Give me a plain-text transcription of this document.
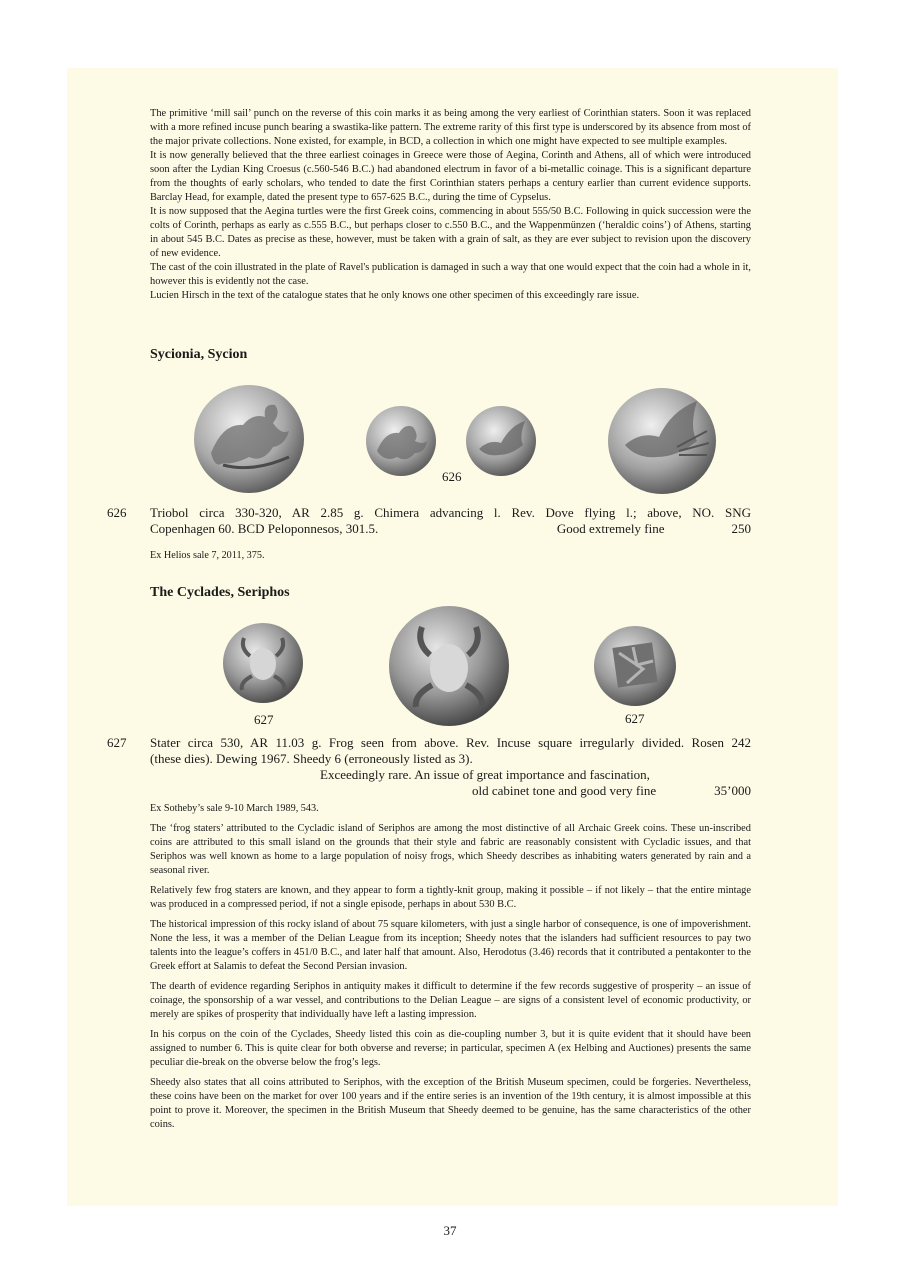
The primitive ‘mill sail’ punch on the reverse of this coin marks it as being among the very earliest of Corinthian staters. Soon it was replaced with a more refined incuse punch bearing a swastika-like pattern. The extreme rarity of this first type is underscored by its absence from most of the major private collections. None existed, for example, in BCD, a collection in which one might have expected to see multiple examples.

It is now generally believed that the three earliest coinages in Greece were those of Aegina, Corinth and Athens, all of which were introduced soon after the Lydian King Croesus (c.560-546 B.C.) had abandoned electrum in favor of a bi-metallic coinage. This is a significant departure from the thoughts of early scholars, who tended to date the first Corinthian staters perhaps a century earlier than current evidence supports. Barclay Head, for example, dated the present type to 657-625 B.C., during the time of Cypselus.

It is now supposed that the Aegina turtles were the first Greek coins, commencing in about 555/50 B.C. Following in quick succession were the colts of Corinth, perhaps as early as c.555 B.C., but perhaps closer to c.550 B.C., and the Wappenmünzen (‘heraldic coins’) of Athens, starting in about 545 B.C. Dates as precise as these, however, must be taken with a grain of salt, as they are ever subject to revision upon the discovery of new evidence.

The cast of the coin illustrated in the plate of Ravel's publication is damaged in such a way that one would expect that the coin had a whole in it, however this is evidently not the case.

Lucien Hirsch in the text of the catalogue states that he only knows one other specimen of this exceedingly rare issue.

Sycionia, Sycion
626
626 Triobol circa 330-320, AR 2.85 g. Chimera advancing l. Rev. Dove flying l.; above, NO. SNG
Copenhagen 60. BCD Peloponnesos, 301.5.	Good extremely fine	250
Ex Helios sale 7, 2011, 375.
The Cyclades, Seriphos
627	627
627 Stater circa 530, AR 11.03 g. Frog seen from above. Rev. Incuse square irregularly divided. Rosen 242
(these dies). Dewing 1967. Sheedy 6 (erroneously listed as 3).
Exceedingly rare. An issue of great importance and fascination,
old cabinet tone and good very fine	35’000
Ex Sotheby’s sale 9-10 March 1989, 543.

The ‘frog staters’ attributed to the Cycladic island of Seriphos are among the most distinctive of all Archaic Greek coins. These un-inscribed coins are attributed to this small island on the grounds that their style and fabric are reasonably consistent with Cycladic issues, and that Seriphos was well known as home to a large population of noisy frogs, which Sheedy describes as inhabiting waters generated by rain and a seasonal river.

Relatively few frog staters are known, and they appear to form a tightly-knit group, making it possible – if not likely – that the entire mintage was produced in a compressed period, if not a single episode, perhaps in about 530 B.C.

The historical impression of this rocky island of about 75 square kilometers, with just a single harbor of consequence, is one of impoverishment. None the less, it was a member of the Delian League from its inception; Sheedy notes that the islanders had sufficient resources to pay two talents into the league’s coffers in 451/0 B.C., and later half that amount. Also, Herodotus (3.46) records that it contributed a pentakonter to the Greek effort at Salamis to defeat the Second Persian invasion.

The dearth of evidence regarding Seriphos in antiquity makes it difficult to determine if the few records suggestive of prosperity – an issue of coinage, the sponsorship of a war vessel, and contributions to the Delian League – are signs of a consistent level of economic productivity, or merely are spikes of prosperity that individually have left a lasting impression.

In his corpus on the coin of the Cyclades, Sheedy listed this coin as die-coupling number 3, but it is quite evident that it should have been assigned to number 6. This is quite clear for both obverse and reverse; in particular, specimen A (ex Helbing and Auctiones) presents the same peculiar die-break on the obverse below the frog’s legs.

Sheedy also states that all coins attributed to Seriphos, with the exception of the British Museum specimen, could be forgeries. Nevertheless, these coins have been on the market for over 100 years and if the entire series is an invention of the 19th century, it is almost impossible at this point to prove it. Moreover, the specimen in the British Museum that Sheedy deemed to be genuine, has the same characteristics of the other coins.

37
